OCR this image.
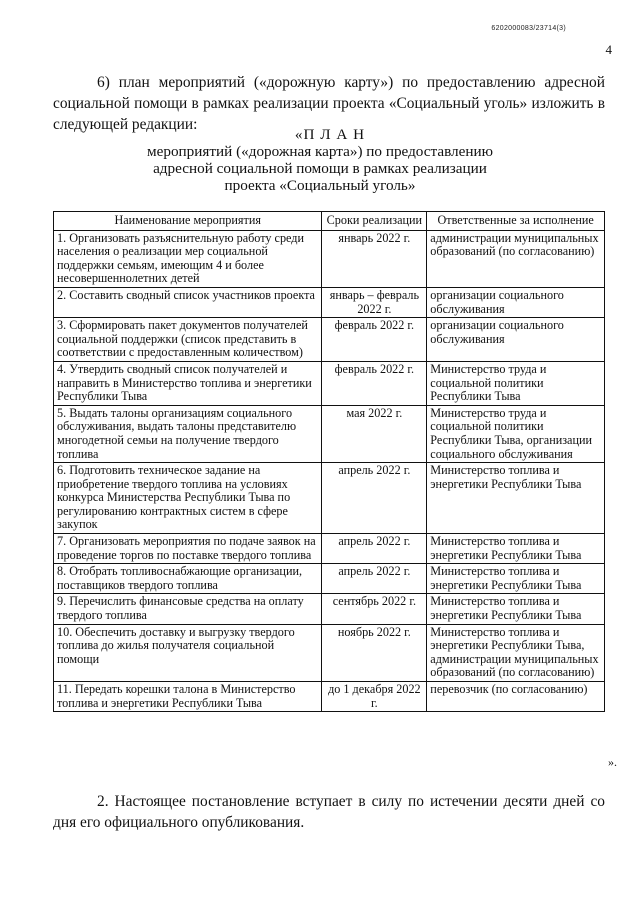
6202000083/23714(3)
4
6) план мероприятий («дорожную карту») по предоставлению адресной социальной помощи в рамках реализации проекта «Социальный уголь» изложить в следующей редакции:
«П Л А Н
мероприятий («дорожная карта») по предоставлению
адресной социальной помощи в рамках реализации
проекта «Социальный уголь»
Наименование мероприятия	Сроки реализации	Ответственные за исполнение
1. Организовать разъяснительную работу среди населения о реализации мер социальной поддержки семьям, имеющим 4 и более несовершеннолетних детей	январь 2022 г.	администрации муниципальных образований (по согласованию)
2. Составить сводный список участников проекта	январь – февраль 2022 г.	организации социального обслуживания
3. Сформировать пакет документов получателей социальной поддержки (список представить в соответствии с предоставленным количеством)	февраль 2022 г.	организации социального обслуживания
4. Утвердить сводный список получателей и направить в Министерство топлива и энергетики Республики Тыва	февраль 2022 г.	Министерство труда и социальной политики Республики Тыва
5. Выдать талоны организациям социального обслуживания, выдать талоны представителю многодетной семьи на получение твердого топлива	мая 2022 г.	Министерство труда и социальной политики Республики Тыва, организации социального обслуживания
6. Подготовить техническое задание на приобретение твердого топлива на условиях конкурса Министерства Республики Тыва по регулированию контрактных систем в сфере закупок	апрель 2022 г.	Министерство топлива и энергетики Республики Тыва
7. Организовать мероприятия по подаче заявок на проведение торгов по поставке твердого топлива	апрель 2022 г.	Министерство топлива и энергетики Республики Тыва
8. Отобрать топливоснабжающие организации, поставщиков твердого топлива	апрель 2022 г.	Министерство топлива и энергетики Республики Тыва
9. Перечислить финансовые средства на оплату твердого топлива	сентябрь 2022 г.	Министерство топлива и энергетики Республики Тыва
10. Обеспечить доставку и выгрузку твердого топлива до жилья получателя социальной помощи	ноябрь 2022 г.	Министерство топлива и энергетики Республики Тыва, администрации муниципальных образований (по согласованию)
11. Передать корешки талона в Министерство топлива и энергетики Республики Тыва	до 1 декабря 2022 г.	перевозчик (по согласованию)
».
2. Настоящее постановление вступает в силу по истечении десяти дней со дня его официального опубликования.
